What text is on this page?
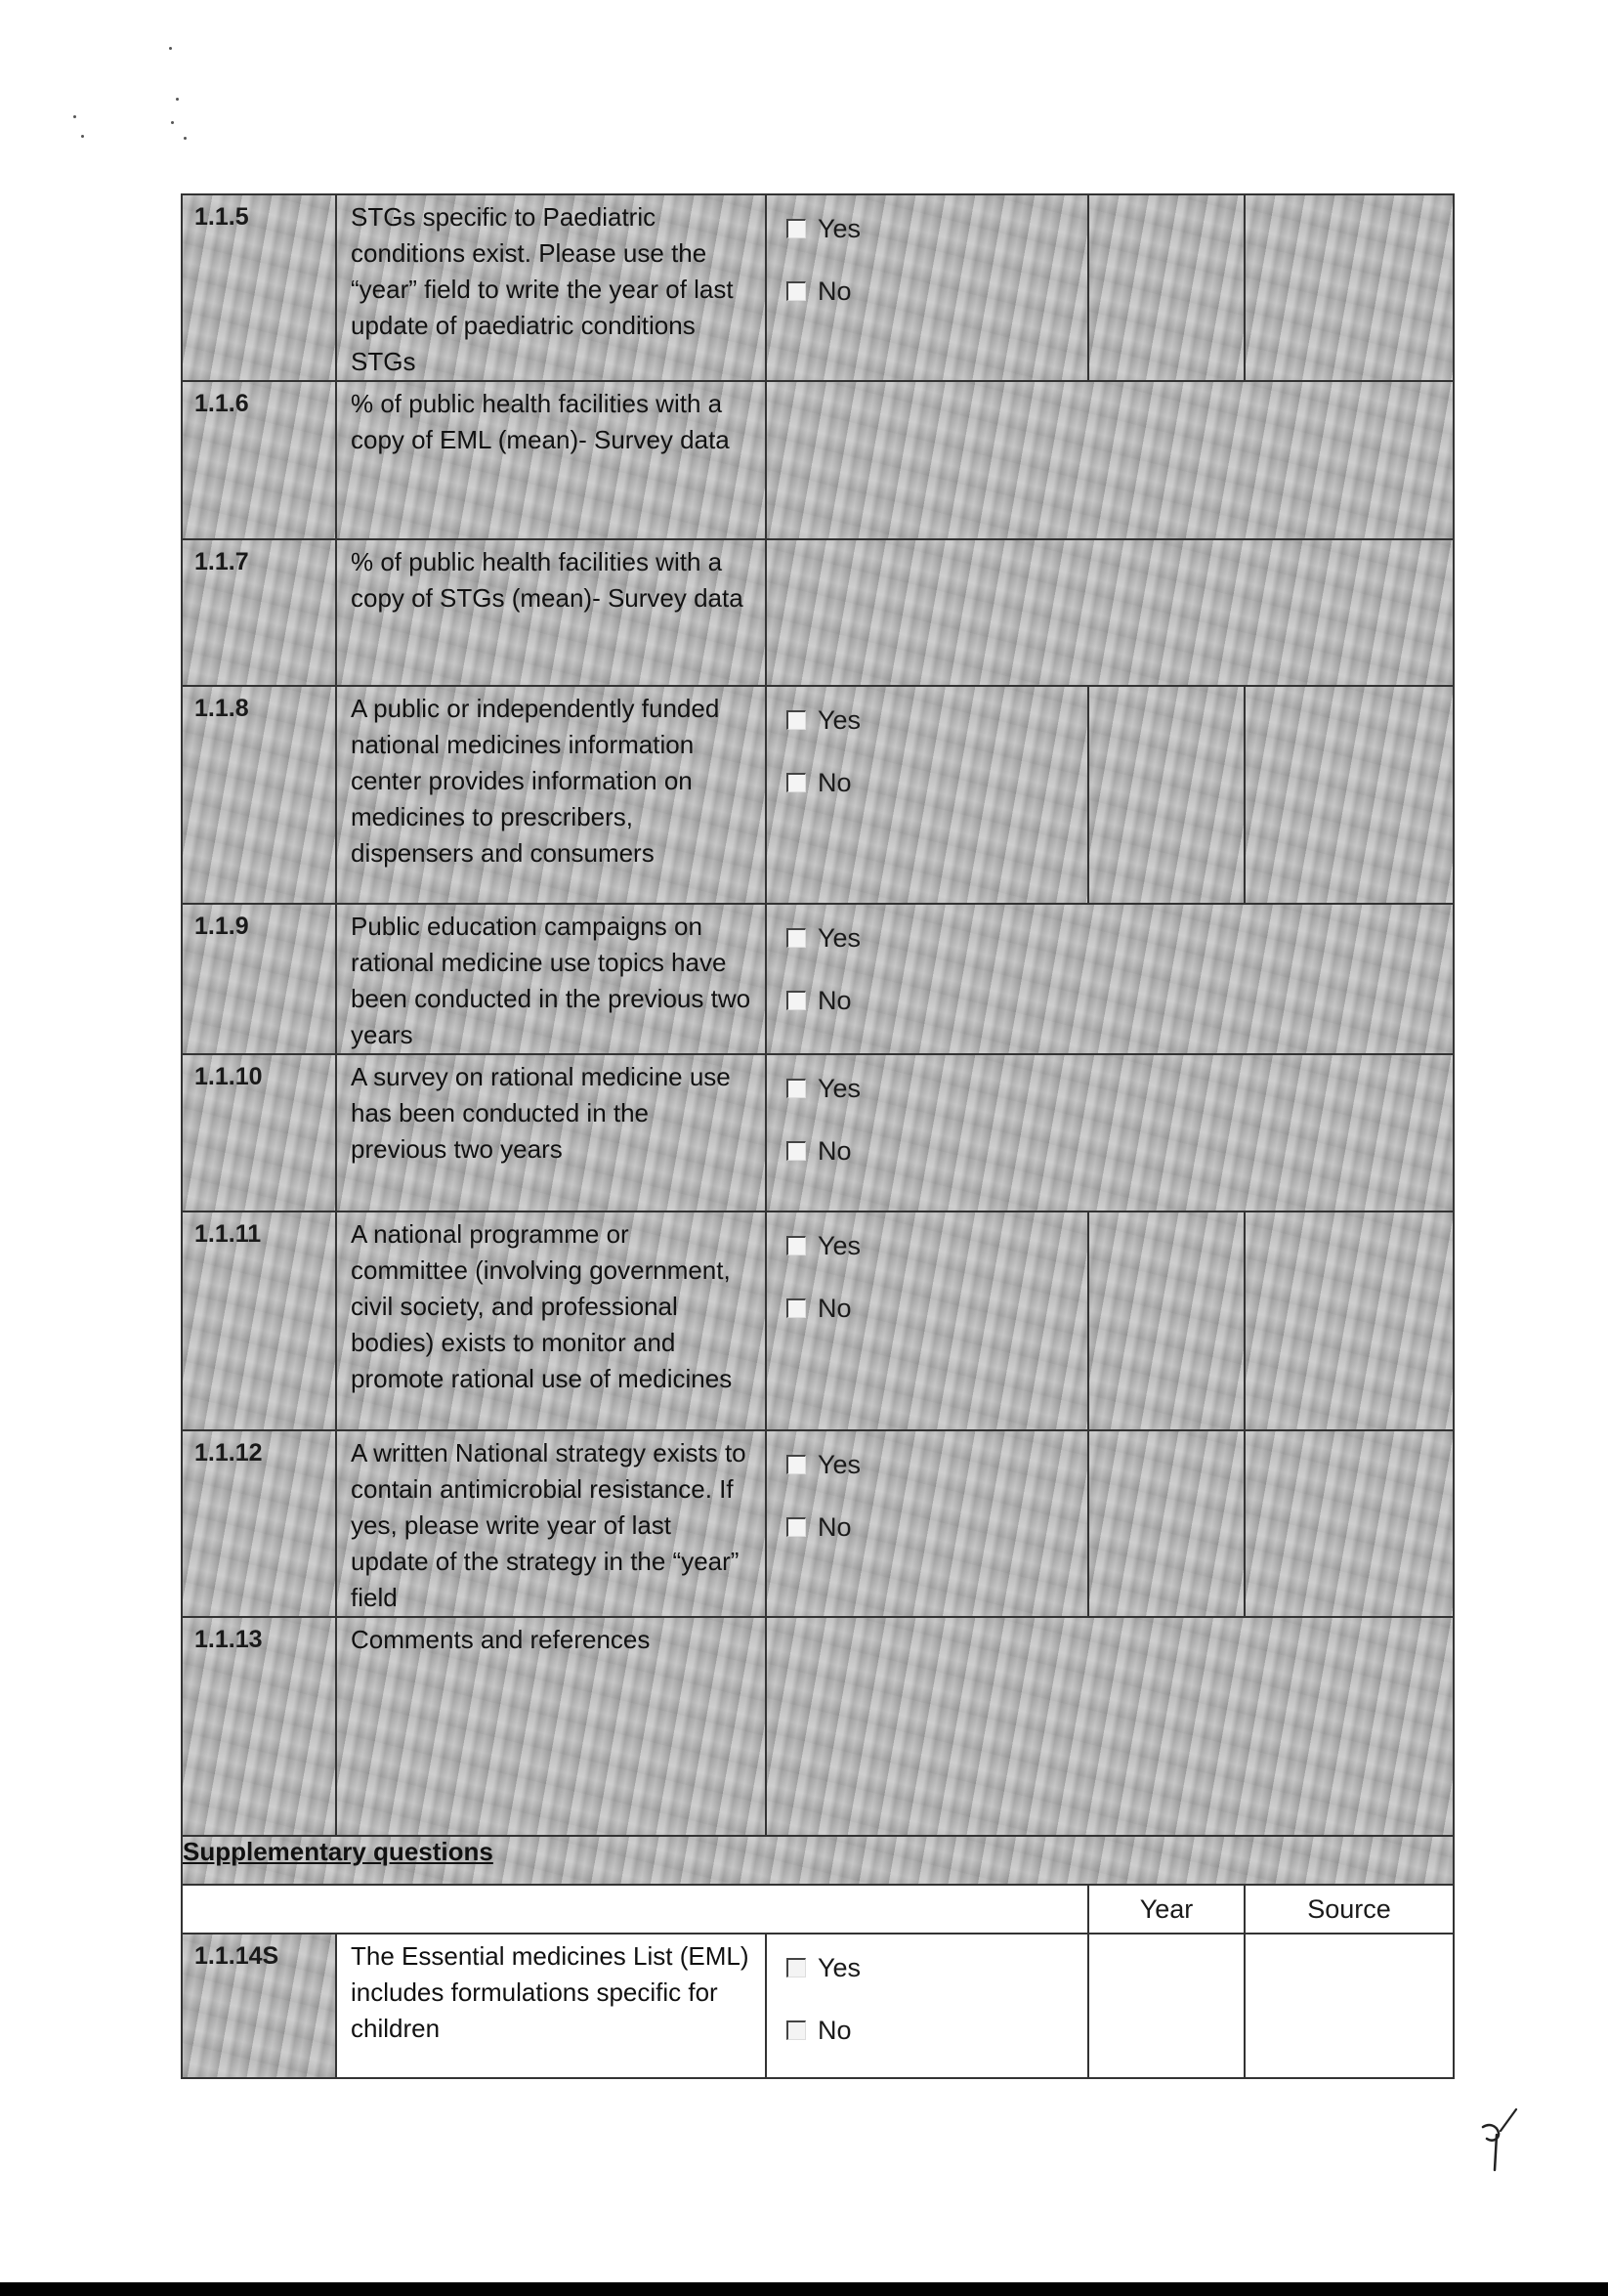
1.1.5	STGs specific to Paediatric conditions exist. Please use the “year” field to write the year of last update of paediatric conditions STGs	Yes
No		

1.1.6	% of public health facilities with a copy of EML (mean)- Survey data			
1.1.7	% of public health facilities with a copy of STGs (mean)- Survey data			
1.1.8	A public or independently funded national medicines information center provides information on medicines to prescribers, dispensers and consumers	Yes
No		

1.1.9	Public education campaigns on rational medicine use topics have been conducted in the previous two years	Yes
No		

1.1.10	A survey on rational medicine use has been conducted in the previous two years	Yes
No		

1.1.11	A national programme or committee (involving government, civil society, and professional bodies) exists to monitor and promote rational use of medicines	Yes
No		

1.1.12	A written National strategy exists to contain antimicrobial resistance. If yes, please write year of last update of the strategy in the “year” field	Yes
No		

1.1.13	Comments and references			
Supplementary questions				
			Year	Source
1.1.14S	The Essential medicines List (EML) includes formulations specific for children	Yes
No		
